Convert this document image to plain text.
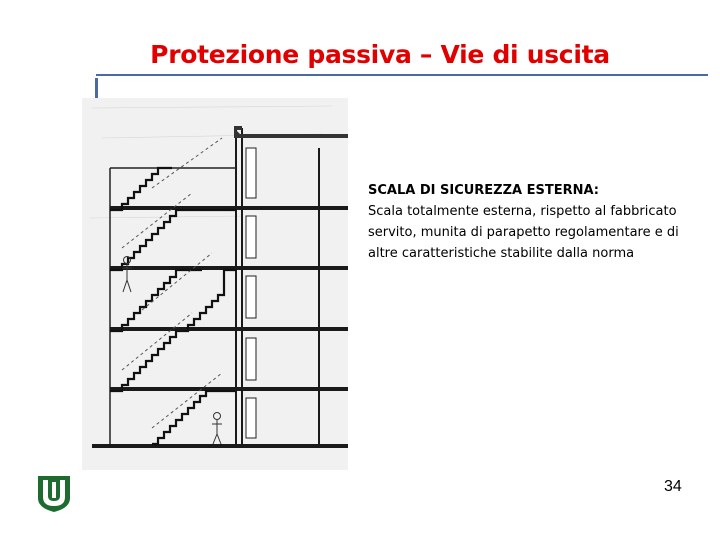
Protezione passiva – Vie di uscita
SCALA DI SICUREZZA ESTERNA:
Scala totalmente esterna, rispetto al fabbricato servito, munita di parapetto regolamentare e di altre caratteristiche stabilite dalla norma
34
